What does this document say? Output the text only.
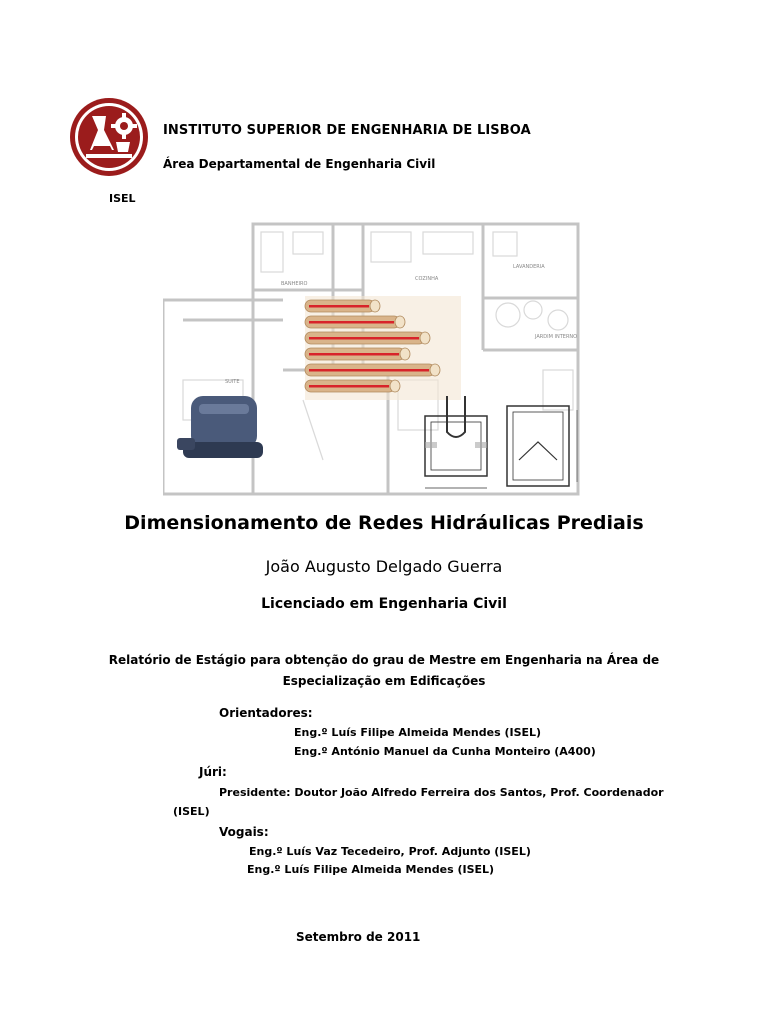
INSTITUTO SUPERIOR DE ENGENHARIA DE LISBOA
Área Departamental de Engenharia Civil
ISEL
LAVANDERIA
JARDIM INTERNO
SUITE
BANHEIRO
COZINHA
Dimensionamento de Redes Hidráulicas Prediais
João Augusto Delgado Guerra
Licenciado em Engenharia Civil
Relatório de Estágio para obtenção do grau de Mestre em Engenharia na Área de
Especialização em Edificações
Orientadores:
Eng.º Luís Filipe Almeida Mendes (ISEL)
Eng.º António Manuel da Cunha Monteiro (A400)
Júri:
Presidente: Doutor João Alfredo Ferreira dos Santos, Prof. Coordenador
(ISEL)
Vogais:
Eng.º Luís Vaz Tecedeiro, Prof. Adjunto (ISEL)
Eng.º Luís Filipe Almeida Mendes (ISEL)
Setembro de 2011
